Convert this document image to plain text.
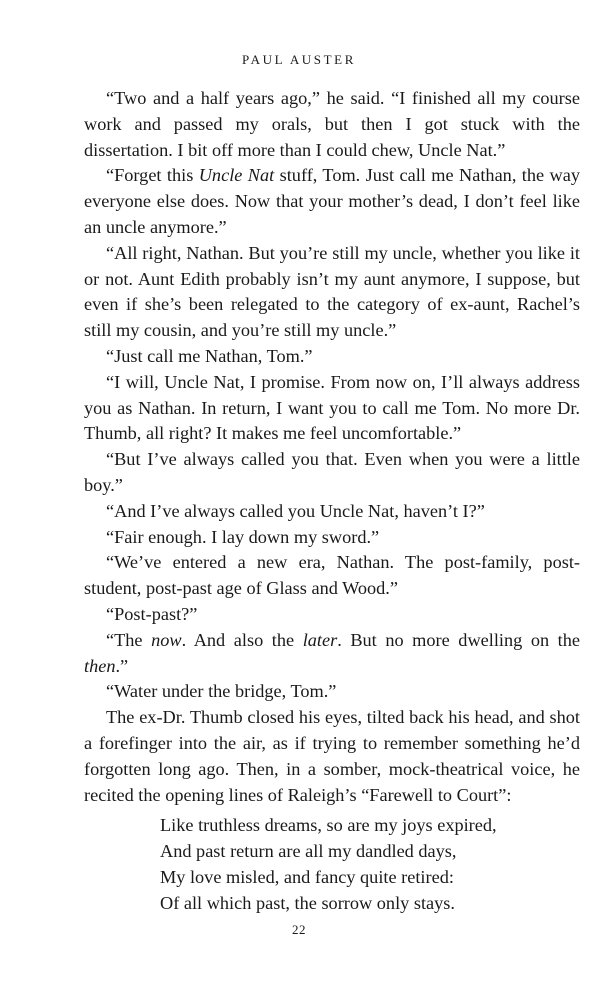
PAUL AUSTER

“Two and a half years ago,” he said. “I finished all my course work and passed my orals, but then I got stuck with the dissertation. I bit off more than I could chew, Uncle Nat.”

“Forget this Uncle Nat stuff, Tom. Just call me Nathan, the way everyone else does. Now that your mother’s dead, I don’t feel like an uncle anymore.”

“All right, Nathan. But you’re still my uncle, whether you like it or not. Aunt Edith probably isn’t my aunt anymore, I suppose, but even if she’s been relegated to the category of ex-aunt, Rachel’s still my cousin, and you’re still my uncle.”

“Just call me Nathan, Tom.”

“I will, Uncle Nat, I promise. From now on, I’ll always address you as Nathan. In return, I want you to call me Tom. No more Dr. Thumb, all right? It makes me feel uncomfortable.”

“But I’ve always called you that. Even when you were a little boy.”

“And I’ve always called you Uncle Nat, haven’t I?”

“Fair enough. I lay down my sword.”

“We’ve entered a new era, Nathan. The post-family, post-student, post-past age of Glass and Wood.”

“Post-past?”

“The now. And also the later. But no more dwelling on the then.”

“Water under the bridge, Tom.”

The ex-Dr. Thumb closed his eyes, tilted back his head, and shot a forefinger into the air, as if trying to remember something he’d forgotten long ago. Then, in a somber, mock-theatrical voice, he recited the opening lines of Raleigh’s “Farewell to Court”:

Like truthless dreams, so are my joys expired,
And past return are all my dandled days,
My love misled, and fancy quite retired:
Of all which past, the sorrow only stays.

22
